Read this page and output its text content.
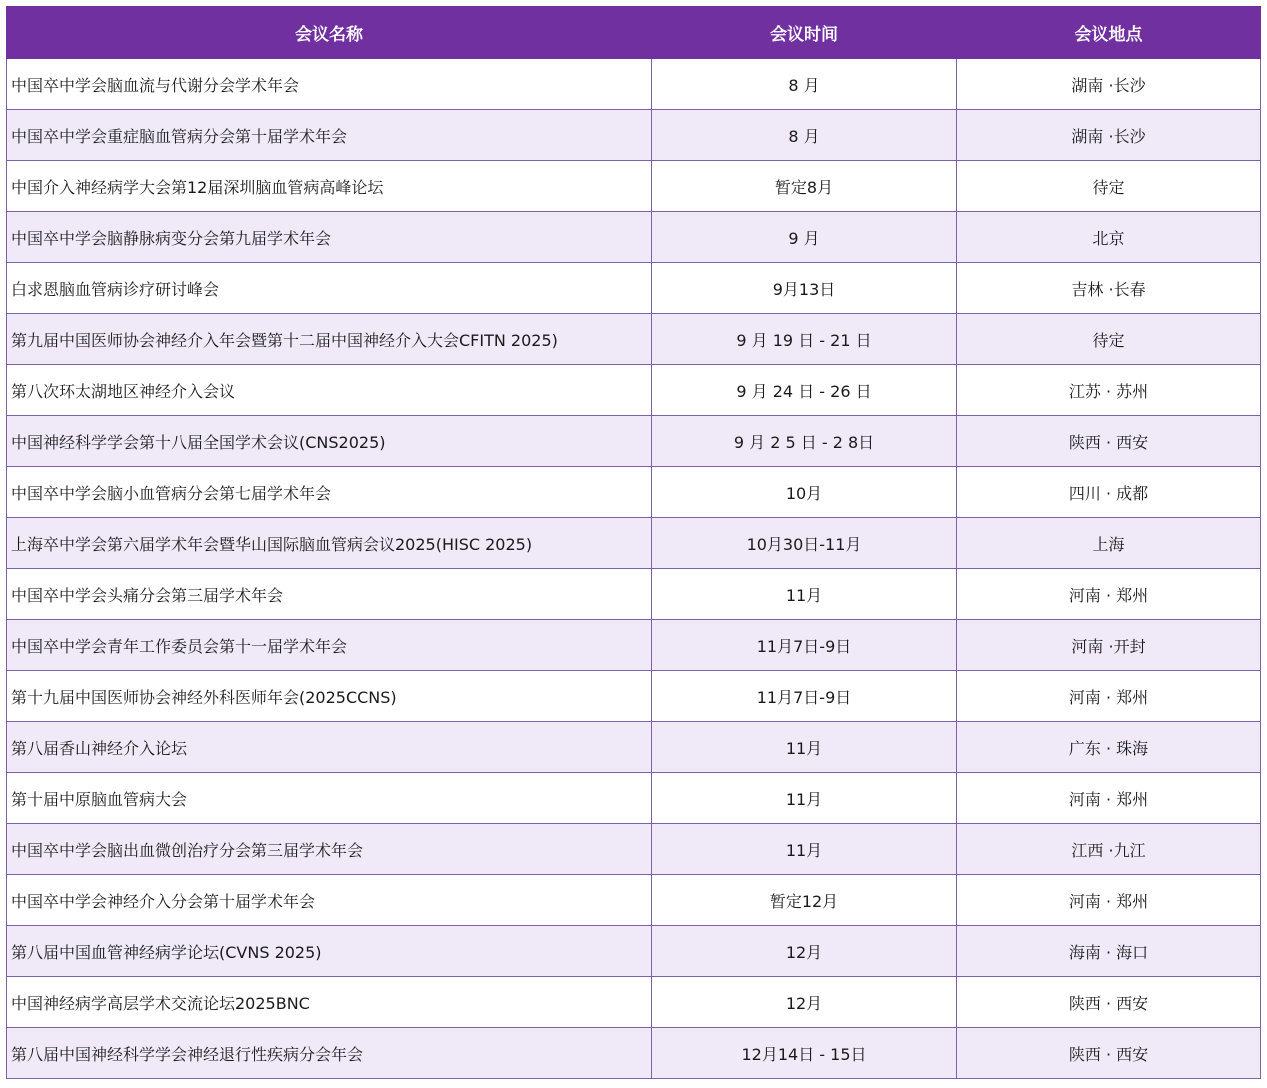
会议名称	会议时间	会议地点
中国卒中学会脑血流与代谢分会学术年会	8 月	湖南 ·长沙
中国卒中学会重症脑血管病分会第十届学术年会	8 月	湖南 ·长沙
中国介入神经病学大会第12届深圳脑血管病高峰论坛	暂定8月	待定
中国卒中学会脑静脉病变分会第九届学术年会	9 月	北京
白求恩脑血管病诊疗研讨峰会	9月13日	吉林 ·长春
第九届中国医师协会神经介入年会暨第十二届中国神经介入大会CFITN 2025)	9 月 19 日 - 21 日	待定
第八次环太湖地区神经介入会议	9 月 24 日 - 26 日	江苏 · 苏州
中国神经科学学会第十八届全国学术会议(CNS2025)	9 月 2 5 日 - 2 8日	陕西 · 西安
中国卒中学会脑小血管病分会第七届学术年会	10月	四川 · 成都
上海卒中学会第六届学术年会暨华山国际脑血管病会议2025(HISC 2025)	10月30日-11月	上海
中国卒中学会头痛分会第三届学术年会	11月	河南 · 郑州
中国卒中学会青年工作委员会第十一届学术年会	11月7日-9日	河南 ·开封
第十九届中国医师协会神经外科医师年会(2025CCNS)	11月7日-9日	河南 · 郑州
第八届香山神经介入论坛	11月	广东 · 珠海
第十届中原脑血管病大会	11月	河南 · 郑州
中国卒中学会脑出血微创治疗分会第三届学术年会	11月	江西 ·九江
中国卒中学会神经介入分会第十届学术年会	暂定12月	河南 · 郑州
第八届中国血管神经病学论坛(CVNS 2025)	12月	海南 · 海口
中国神经病学高层学术交流论坛2025BNC	12月	陕西 · 西安
第八届中国神经科学学会神经退行性疾病分会年会	12月14日 - 15日	陕西 · 西安
